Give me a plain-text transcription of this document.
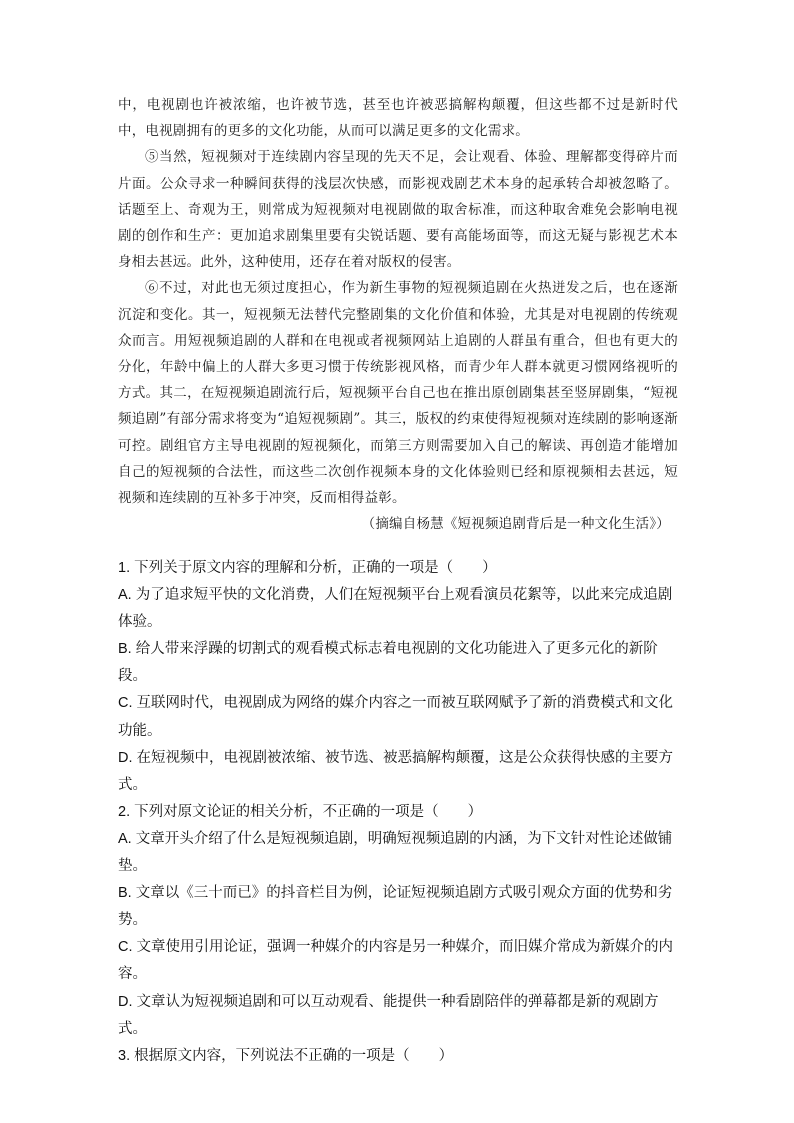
中，电视剧也许被浓缩，也许被节选，甚至也许被恶搞解构颠覆，但这些都不过是新时代中，电视剧拥有的更多的文化功能，从而可以满足更多的文化需求。

⑤当然，短视频对于连续剧内容呈现的先天不足，会让观看、体验、理解都变得碎片而片面。公众寻求一种瞬间获得的浅层次快感，而影视戏剧艺术本身的起承转合却被忽略了。话题至上、奇观为王，则常成为短视频对电视剧做的取舍标准，而这种取舍难免会影响电视剧的创作和生产：更加追求剧集里要有尖锐话题、要有高能场面等，而这无疑与影视艺术本身相去甚远。此外，这种使用，还存在着对版权的侵害。

⑥不过，对此也无须过度担心，作为新生事物的短视频追剧在火热迸发之后，也在逐渐沉淀和变化。其一，短视频无法替代完整剧集的文化价值和体验，尤其是对电视剧的传统观众而言。用短视频追剧的人群和在电视或者视频网站上追剧的人群虽有重合，但也有更大的分化，年龄中偏上的人群大多更习惯于传统影视风格，而青少年人群本就更习惯网络视听的方式。其二，在短视频追剧流行后，短视频平台自己也在推出原创剧集甚至竖屏剧集，“短视频追剧”有部分需求将变为“追短视频剧”。其三，版权的约束使得短视频对连续剧的影响逐渐可控。剧组官方主导电视剧的短视频化，而第三方则需要加入自己的解读、再创造才能增加自己的短视频的合法性，而这些二次创作视频本身的文化体验则已经和原视频相去甚远，短视频和连续剧的互补多于冲突，反而相得益彰。

（摘编自杨慧《短视频追剧背后是一种文化生活》）

1. 下列关于原文内容的理解和分析，正确的一项是（　　）
A. 为了追求短平快的文化消费，人们在短视频平台上观看演员花絮等，以此来完成追剧体验。
B. 给人带来浮躁的切割式的观看模式标志着电视剧的文化功能进入了更多元化的新阶段。
C. 互联网时代，电视剧成为网络的媒介内容之一而被互联网赋予了新的消费模式和文化功能。
D. 在短视频中，电视剧被浓缩、被节选、被恶搞解构颠覆，这是公众获得快感的主要方式。
2. 下列对原文论证的相关分析，不正确的一项是（　　）
A. 文章开头介绍了什么是短视频追剧，明确短视频追剧的内涵，为下文针对性论述做铺垫。
B. 文章以《三十而已》的抖音栏目为例，论证短视频追剧方式吸引观众方面的优势和劣势。
C. 文章使用引用论证，强调一种媒介的内容是另一种媒介，而旧媒介常成为新媒介的内容。
D. 文章认为短视频追剧和可以互动观看、能提供一种看剧陪伴的弹幕都是新的观剧方式。
3. 根据原文内容，下列说法不正确的一项是（　　）
